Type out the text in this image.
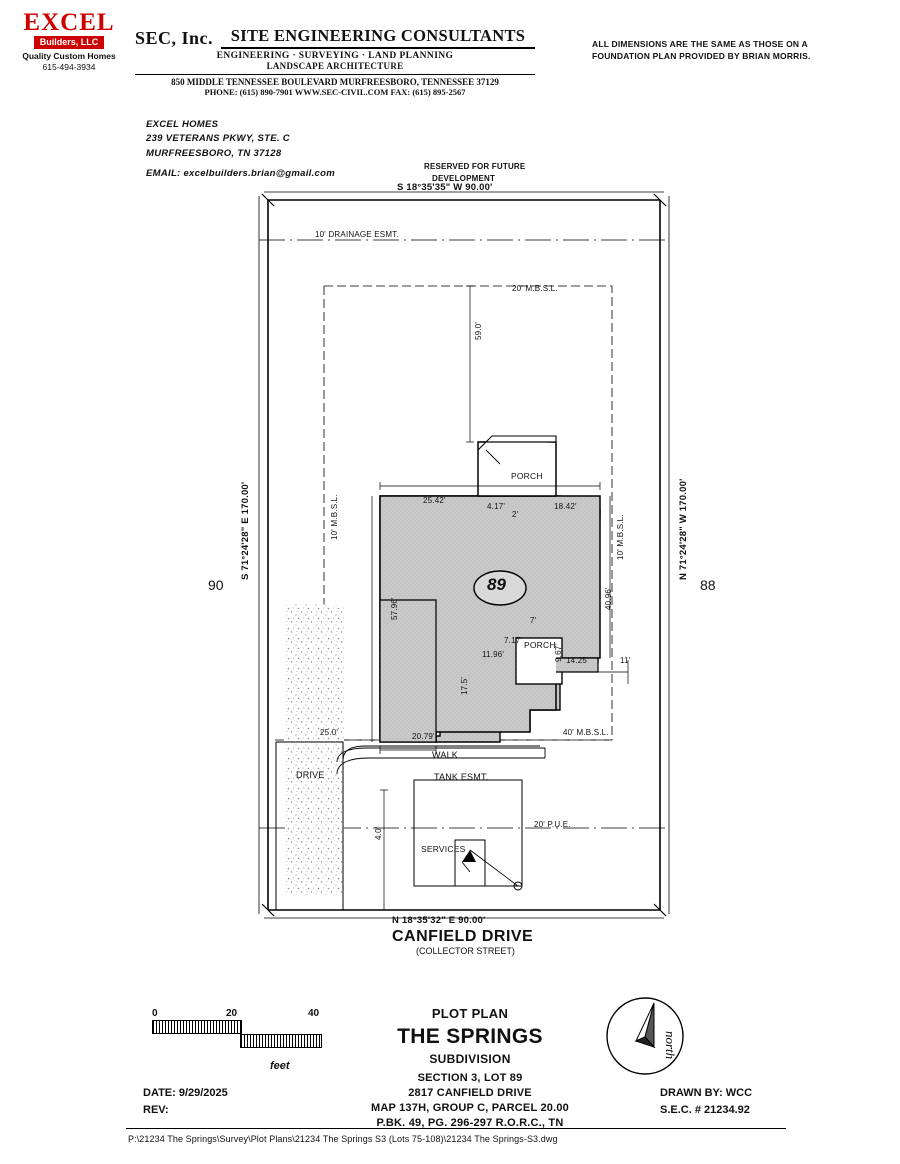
EXCEL
Builders, LLC
Quality Custom Homes
615-494-3934
SEC, Inc.	SITE ENGINEERING CONSULTANTS
ENGINEERING · SURVEYING · LAND PLANNING
LANDSCAPE ARCHITECTURE
850 MIDDLE TENNESSEE BOULEVARD MURFREESBORO, TENNESSEE 37129
PHONE: (615) 890-7901 WWW.SEC-CIVIL.COM FAX: (615) 895-2567
ALL DIMENSIONS ARE THE SAME AS THOSE ON A FOUNDATION PLAN PROVIDED BY BRIAN MORRIS.
EXCEL HOMES
239 VETERANS PKWY, STE. C
MURFREESBORO, TN 37128
EMAIL: excelbuilders.brian@gmail.com
RESERVED FOR FUTURE
DEVELOPMENT
S 18°35'35" W 90.00'
10' DRAINAGE ESMT.
20' M.B.S.L.
10' M.B.S.L.	10' M.B.S.L.
40' M.B.S.L.
20' P.U.E.
59.0'
25.42'
4.17'
2'
18.42'
40.96'
57.96'
11.96'
7.17'
7'
9.67' 14.25'	11'
17.5'
20.79'
25.0'
4.0'
PORCH
PORCH
WALK
DRIVE	TANK ESMT.
SERVICES
89
90	88
S 71°24'28" E 170.00'	N 71°24'28" W 170.00'
N 18°35'32" E 90.00'
CANFIELD DRIVE
(COLLECTOR STREET)
0	20	40
feet
PLOT PLAN
THE SPRINGS
SUBDIVISION
SECTION 3, LOT 89
2817 CANFIELD DRIVE
MAP 137H, GROUP C, PARCEL 20.00
P.BK. 49, PG. 296-297 R.O.R.C., TN
DATE: 9/29/2025
REV:
DRAWN BY: WCC
S.E.C. # 21234.92
north
P:\21234 The Springs\Survey\Plot Plans\21234 The Springs S3 (Lots 75-108)\21234 The Springs-S3.dwg
